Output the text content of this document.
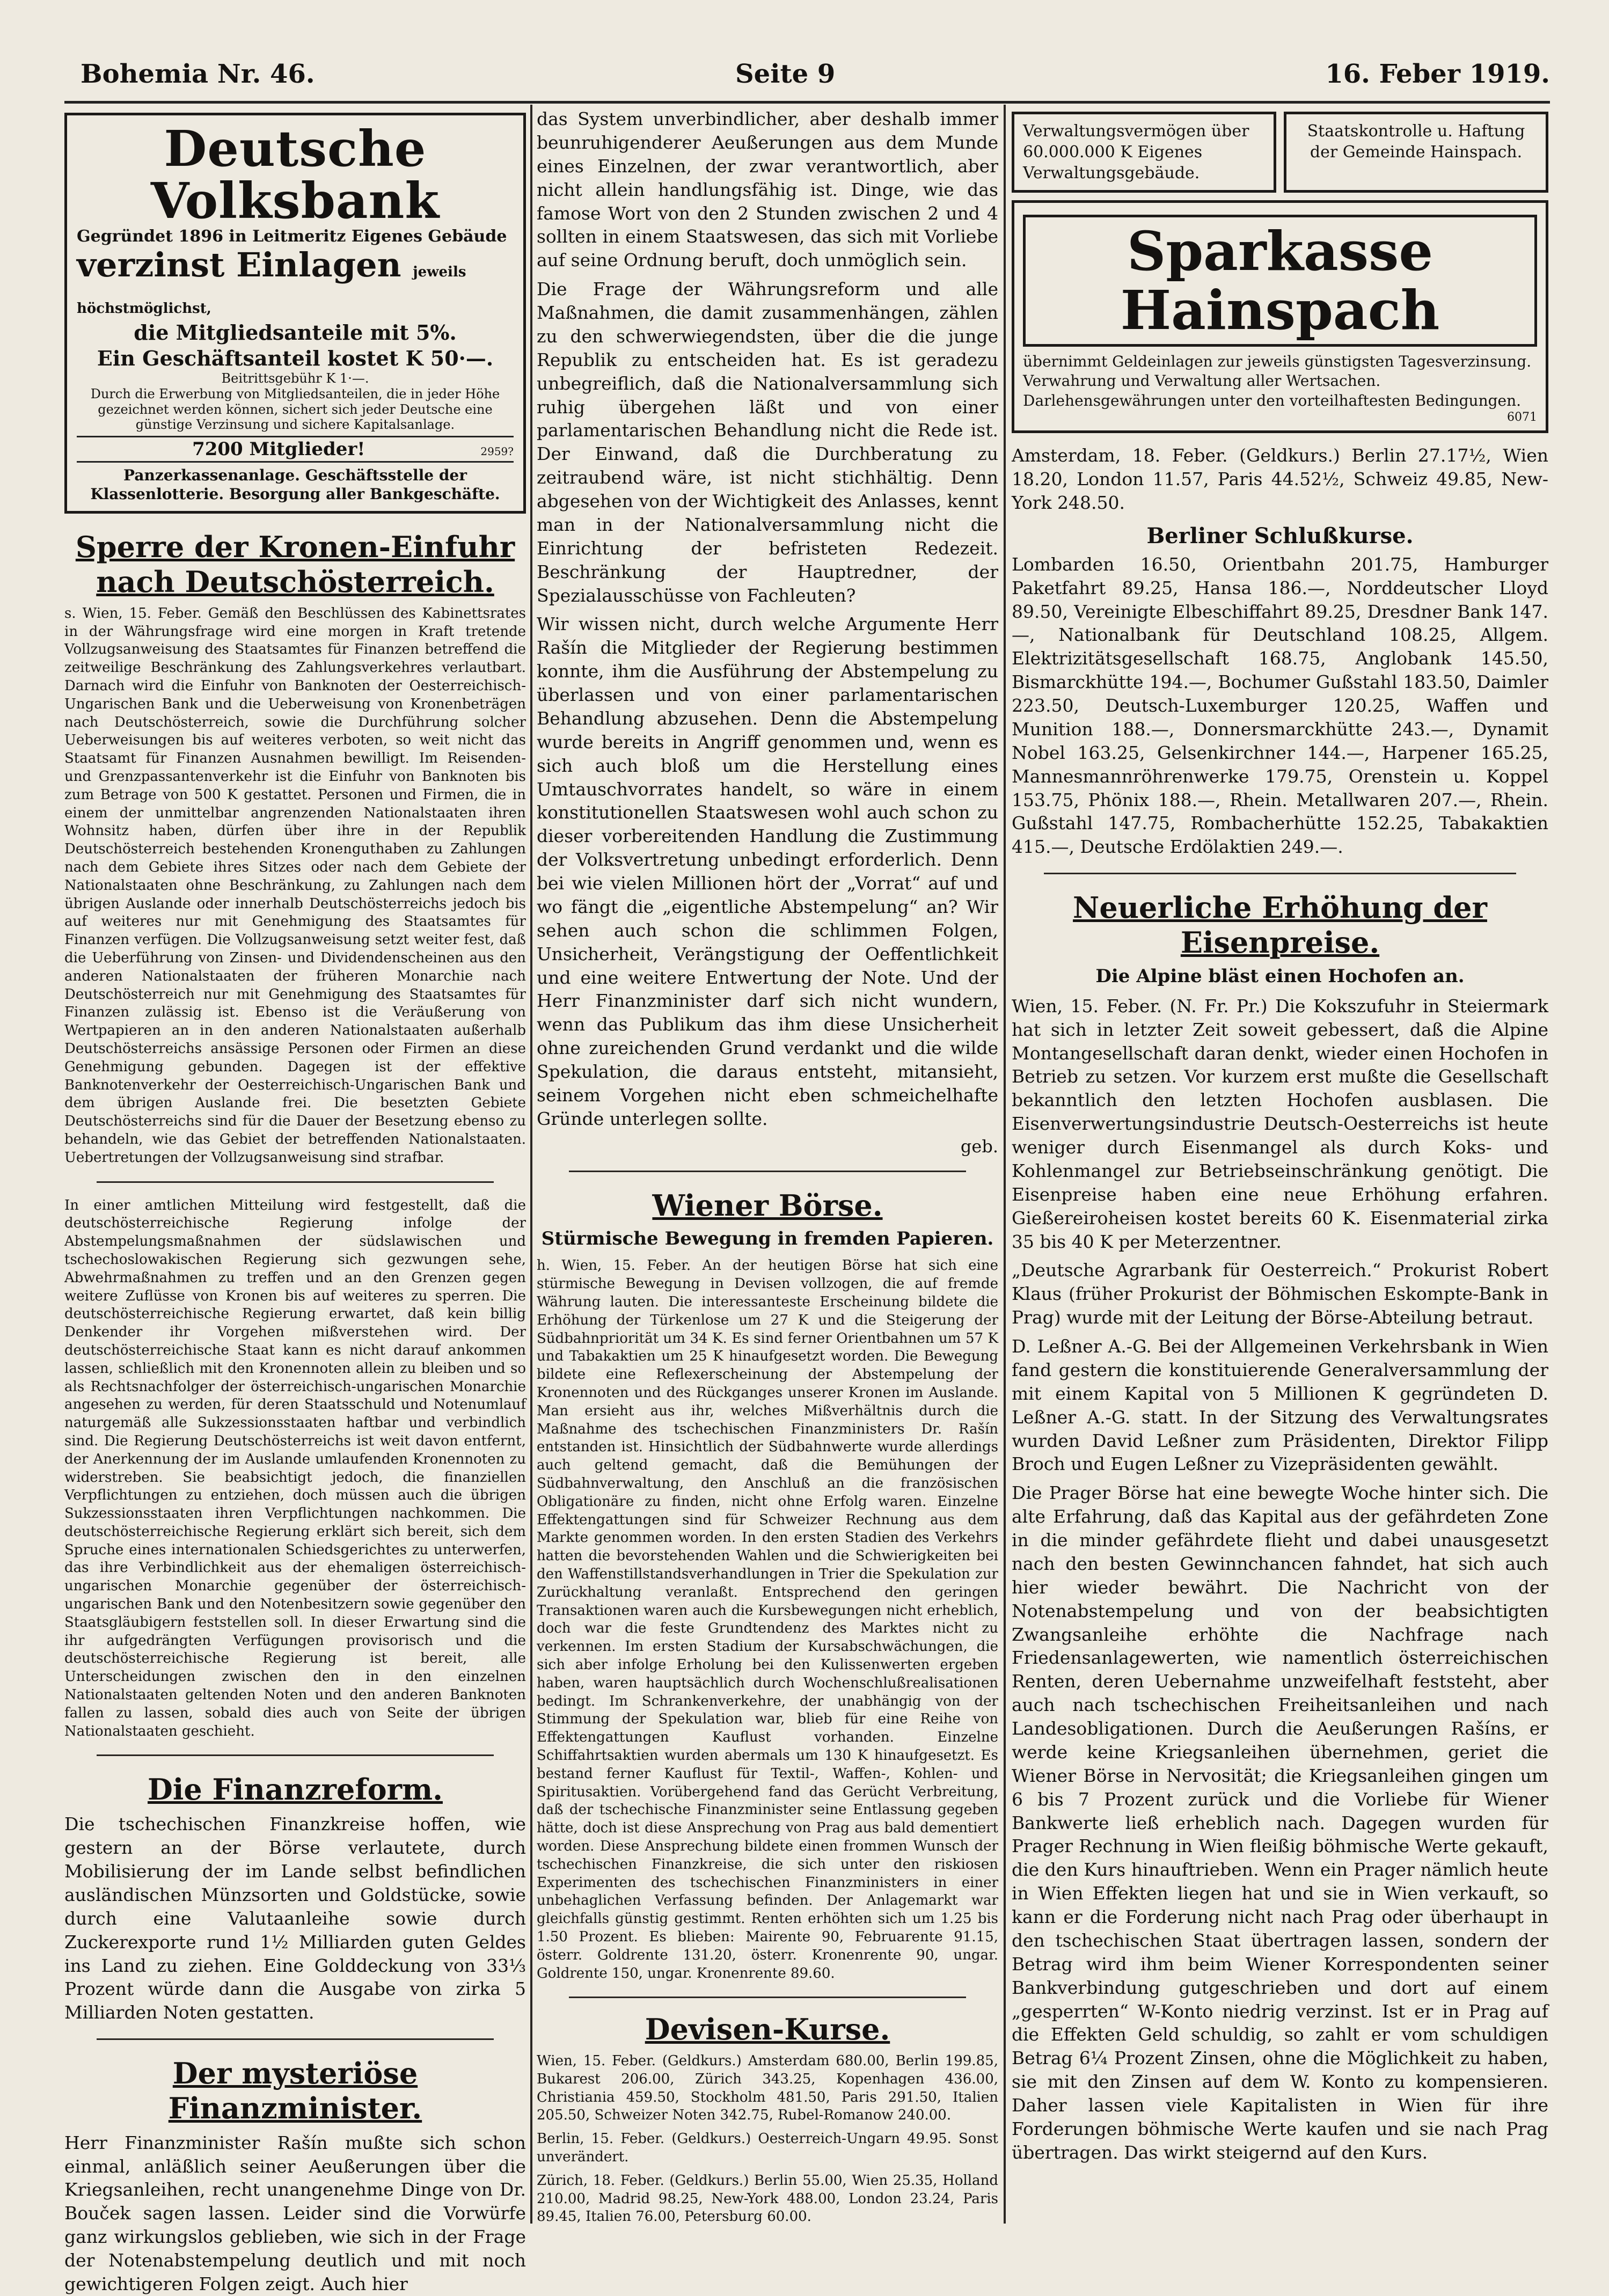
Bohemia Nr. 46.	Seite 9	16. Feber 1919.
Deutsche Volksbank
Gegründet 1896 in Leitmeritz Eigenes Gebäude
verzinst Einlagen jeweils höchstmöglichst,
die Mitgliedsanteile mit 5%.
Ein Geschäftsanteil kostet K 50·—.
Beitrittsgebühr K 1·—.
Durch die Erwerbung von Mitgliedsanteilen, die in jeder Höhe gezeichnet werden können, sichert sich jeder Deutsche eine günstige Verzinsung und sichere Kapitalsanlage.
7200 Mitglieder!	2959?
Panzerkassenanlage. Geschäftsstelle der Klassenlotterie. Besorgung aller Bankgeschäfte.
Sperre der Kronen-Einfuhr nach Deutschösterreich.

s. Wien, 15. Feber. Gemäß den Beschlüssen des Kabinettsrates in der Währungsfrage wird eine morgen in Kraft tretende Vollzugsanweisung des Staatsamtes für Finanzen betreffend die zeitweilige Beschränkung des Zahlungsverkehres verlautbart. Darnach wird die Einfuhr von Banknoten der Oesterreichisch-Ungarischen Bank und die Ueberweisung von Kronenbeträgen nach Deutschösterreich, sowie die Durchführung solcher Ueberweisungen bis auf weiteres verboten, so weit nicht das Staatsamt für Finanzen Ausnahmen bewilligt. Im Reisenden- und Grenzpassantenverkehr ist die Einfuhr von Banknoten bis zum Betrage von 500 K gestattet. Personen und Firmen, die in einem der unmittelbar angrenzenden Nationalstaaten ihren Wohnsitz haben, dürfen über ihre in der Republik Deutschösterreich bestehenden Kronenguthaben zu Zahlungen nach dem Gebiete ihres Sitzes oder nach dem Gebiete der Nationalstaaten ohne Beschränkung, zu Zahlungen nach dem übrigen Auslande oder innerhalb Deutschösterreichs jedoch bis auf weiteres nur mit Genehmigung des Staatsamtes für Finanzen verfügen. Die Vollzugsanweisung setzt weiter fest, daß die Ueberführung von Zinsen- und Dividendenscheinen aus den anderen Nationalstaaten der früheren Monarchie nach Deutschösterreich nur mit Genehmigung des Staatsamtes für Finanzen zulässig ist. Ebenso ist die Veräußerung von Wertpapieren an in den anderen Nationalstaaten außerhalb Deutschösterreichs ansässige Personen oder Firmen an diese Genehmigung gebunden. Dagegen ist der effektive Banknotenverkehr der Oesterreichisch-Ungarischen Bank und dem übrigen Auslande frei. Die besetzten Gebiete Deutschösterreichs sind für die Dauer der Besetzung ebenso zu behandeln, wie das Gebiet der betreffenden Nationalstaaten. Uebertretungen der Vollzugsanweisung sind strafbar.

In einer amtlichen Mitteilung wird festgestellt, daß die deutschösterreichische Regierung infolge der Abstempelungsmaßnahmen der südslawischen und tschechoslowakischen Regierung sich gezwungen sehe, Abwehrmaßnahmen zu treffen und an den Grenzen gegen weitere Zuflüsse von Kronen bis auf weiteres zu sperren. Die deutschösterreichische Regierung erwartet, daß kein billig Denkender ihr Vorgehen mißverstehen wird. Der deutschösterreichische Staat kann es nicht darauf ankommen lassen, schließlich mit den Kronennoten allein zu bleiben und so als Rechtsnachfolger der österreichisch-ungarischen Monarchie angesehen zu werden, für deren Staatsschuld und Notenumlauf naturgemäß alle Sukzessionsstaaten haftbar und verbindlich sind. Die Regierung Deutschösterreichs ist weit davon entfernt, der Anerkennung der im Auslande umlaufenden Kronennoten zu widerstreben. Sie beabsichtigt jedoch, die finanziellen Verpflichtungen zu entziehen, doch müssen auch die übrigen Sukzessionsstaaten ihren Verpflichtungen nachkommen. Die deutschösterreichische Regierung erklärt sich bereit, sich dem Spruche eines internationalen Schiedsgerichtes zu unterwerfen, das ihre Verbindlichkeit aus der ehemaligen österreichisch-ungarischen Monarchie gegenüber der österreichisch-ungarischen Bank und den Notenbesitzern sowie gegenüber den Staatsgläubigern feststellen soll. In dieser Erwartung sind die ihr aufgedrängten Verfügungen provisorisch und die deutschösterreichische Regierung ist bereit, alle Unterscheidungen zwischen den in den einzelnen Nationalstaaten geltenden Noten und den anderen Banknoten fallen zu lassen, sobald dies auch von Seite der übrigen Nationalstaaten geschieht.

Die Finanzreform.

Die tschechischen Finanzkreise hoffen, wie gestern an der Börse verlautete, durch Mobilisierung der im Lande selbst befindlichen ausländischen Münzsorten und Goldstücke, sowie durch eine Valutaanleihe sowie durch Zuckerexporte rund 1½ Milliarden guten Geldes ins Land zu ziehen. Eine Golddeckung von 33⅓ Prozent würde dann die Ausgabe von zirka 5 Milliarden Noten gestatten.

Der mysteriöse Finanzminister.

Herr Finanzminister Rašín mußte sich schon einmal, anläßlich seiner Aeußerungen über die Kriegsanleihen, recht unangenehme Dinge von Dr. Bouček sagen lassen. Leider sind die Vorwürfe ganz wirkungslos geblieben, wie sich in der Frage der Notenabstempelung deutlich und mit noch gewichtigeren Folgen zeigt. Auch hier

das System unverbindlicher, aber deshalb immer beunruhigenderer Aeußerungen aus dem Munde eines Einzelnen, der zwar verantwortlich, aber nicht allein handlungsfähig ist. Dinge, wie das famose Wort von den 2 Stunden zwischen 2 und 4 sollten in einem Staatswesen, das sich mit Vorliebe auf seine Ordnung beruft, doch unmöglich sein.

Die Frage der Währungsreform und alle Maßnahmen, die damit zusammenhängen, zählen zu den schwerwiegendsten, über die die junge Republik zu entscheiden hat. Es ist geradezu unbegreiflich, daß die Nationalversammlung sich ruhig übergehen läßt und von einer parlamentarischen Behandlung nicht die Rede ist. Der Einwand, daß die Durchberatung zu zeitraubend wäre, ist nicht stichhältig. Denn abgesehen von der Wichtigkeit des Anlasses, kennt man in der Nationalversammlung nicht die Einrichtung der befristeten Redezeit. Beschränkung der Hauptredner, der Spezialausschüsse von Fachleuten?

Wir wissen nicht, durch welche Argumente Herr Rašín die Mitglieder der Regierung bestimmen konnte, ihm die Ausführung der Abstempelung zu überlassen und von einer parlamentarischen Behandlung abzusehen. Denn die Abstempelung wurde bereits in Angriff genommen und, wenn es sich auch bloß um die Herstellung eines Umtauschvorrates handelt, so wäre in einem konstitutionellen Staatswesen wohl auch schon zu dieser vorbereitenden Handlung die Zustimmung der Volksvertretung unbedingt erforderlich. Denn bei wie vielen Millionen hört der „Vorrat“ auf und wo fängt die „eigentliche Abstempelung“ an? Wir sehen auch schon die schlimmen Folgen, Unsicherheit, Verängstigung der Oeffentlichkeit und eine weitere Entwertung der Note. Und der Herr Finanzminister darf sich nicht wundern, wenn das Publikum das ihm diese Unsicherheit ohne zureichenden Grund verdankt und die wilde Spekulation, die daraus entsteht, mitansieht, seinem Vorgehen nicht eben schmeichelhafte Gründe unterlegen sollte.

geb.
Wiener Börse.
Stürmische Bewegung in fremden Papieren.

h. Wien, 15. Feber. An der heutigen Börse hat sich eine stürmische Bewegung in Devisen vollzogen, die auf fremde Währung lauten. Die interessanteste Erscheinung bildete die Erhöhung der Türkenlose um 27 K und die Steigerung der Südbahnpriorität um 34 K. Es sind ferner Orientbahnen um 57 K und Tabakaktien um 25 K hinaufgesetzt worden. Die Bewegung bildete eine Reflexerscheinung der Abstempelung der Kronennoten und des Rückganges unserer Kronen im Auslande. Man ersieht aus ihr, welches Mißverhältnis durch die Maßnahme des tschechischen Finanzministers Dr. Rašín entstanden ist. Hinsichtlich der Südbahnwerte wurde allerdings auch geltend gemacht, daß die Bemühungen der Südbahnverwaltung, den Anschluß an die französischen Obligationäre zu finden, nicht ohne Erfolg waren. Einzelne Effektengattungen sind für Schweizer Rechnung aus dem Markte genommen worden. In den ersten Stadien des Verkehrs hatten die bevorstehenden Wahlen und die Schwierigkeiten bei den Waffenstillstandsverhandlungen in Trier die Spekulation zur Zurückhaltung veranlaßt. Entsprechend den geringen Transaktionen waren auch die Kursbewegungen nicht erheblich, doch war die feste Grundtendenz des Marktes nicht zu verkennen. Im ersten Stadium der Kursabschwächungen, die sich aber infolge Erholung bei den Kulissenwerten ergeben haben, waren hauptsächlich durch Wochenschlußrealisationen bedingt. Im Schrankenverkehre, der unabhängig von der Stimmung der Spekulation war, blieb für eine Reihe von Effektengattungen Kauflust vorhanden. Einzelne Schiffahrtsaktien wurden abermals um 130 K hinaufgesetzt. Es bestand ferner Kauflust für Textil-, Waffen-, Kohlen- und Spiritusaktien. Vorübergehend fand das Gerücht Verbreitung, daß der tschechische Finanzminister seine Entlassung gegeben hätte, doch ist diese Ansprechung von Prag aus bald dementiert worden. Diese Ansprechung bildete einen frommen Wunsch der tschechischen Finanzkreise, die sich unter den riskiosen Experimenten des tschechischen Finanzministers in einer unbehaglichen Verfassung befinden. Der Anlagemarkt war gleichfalls günstig gestimmt. Renten erhöhten sich um 1.25 bis 1.50 Prozent. Es blieben: Mairente 90, Februarente 91.15, österr. Goldrente 131.20, österr. Kronenrente 90, ungar. Goldrente 150, ungar. Kronenrente 89.60.

Devisen-Kurse.

Wien, 15. Feber. (Geldkurs.) Amsterdam 680.00, Berlin 199.85, Bukarest 206.00, Zürich 343.25, Kopenhagen 436.00, Christiania 459.50, Stockholm 481.50, Paris 291.50, Italien 205.50, Schweizer Noten 342.75, Rubel-Romanow 240.00.

Berlin, 15. Feber. (Geldkurs.) Oesterreich-Ungarn 49.95. Sonst unverändert.

Zürich, 18. Feber. (Geldkurs.) Berlin 55.00, Wien 25.35, Holland 210.00, Madrid 98.25, New-York 488.00, London 23.24, Paris 89.45, Italien 76.00, Petersburg 60.00.

Verwaltungsvermögen über 60.000.000 K Eigenes Verwaltungsgebäude.
Staatskontrolle u. Haftung der Gemeinde Hainspach.
Sparkasse Hainspach
übernimmt Geldeinlagen zur jeweils günstigsten Tagesverzinsung. Verwahrung und Verwaltung aller Wertsachen. Darlehensgewährungen unter den vorteilhaftesten Bedingungen.
6071

Amsterdam, 18. Feber. (Geldkurs.) Berlin 27.17½, Wien 18.20, London 11.57, Paris 44.52½, Schweiz 49.85, New-York 248.50.

Berliner Schlußkurse.

Lombarden 16.50, Orientbahn 201.75, Hamburger Paketfahrt 89.25, Hansa 186.—, Norddeutscher Lloyd 89.50, Vereinigte Elbeschiffahrt 89.25, Dresdner Bank 147.—, Nationalbank für Deutschland 108.25, Allgem. Elektrizitätsgesellschaft 168.75, Anglobank 145.50, Bismarckhütte 194.—, Bochumer Gußstahl 183.50, Daimler 223.50, Deutsch-Luxemburger 120.25, Waffen und Munition 188.—, Donnersmarckhütte 243.—, Dynamit Nobel 163.25, Gelsenkirchner 144.—, Harpener 165.25, Mannesmannröhrenwerke 179.75, Orenstein u. Koppel 153.75, Phönix 188.—, Rhein. Metallwaren 207.—, Rhein. Gußstahl 147.75, Rombacherhütte 152.25, Tabakaktien 415.—, Deutsche Erdölaktien 249.—.

Neuerliche Erhöhung der Eisenpreise.
Die Alpine bläst einen Hochofen an.

Wien, 15. Feber. (N. Fr. Pr.) Die Kokszufuhr in Steiermark hat sich in letzter Zeit soweit gebessert, daß die Alpine Montangesellschaft daran denkt, wieder einen Hochofen in Betrieb zu setzen. Vor kurzem erst mußte die Gesellschaft bekanntlich den letzten Hochofen ausblasen. Die Eisenverwertungsindustrie Deutsch-Oesterreichs ist heute weniger durch Eisenmangel als durch Koks- und Kohlenmangel zur Betriebseinschränkung genötigt. Die Eisenpreise haben eine neue Erhöhung erfahren. Gießereiroheisen kostet bereits 60 K. Eisenmaterial zirka 35 bis 40 K per Meterzentner.

„Deutsche Agrarbank für Oesterreich.“ Prokurist Robert Klaus (früher Prokurist der Böhmischen Eskompte-Bank in Prag) wurde mit der Leitung der Börse-Abteilung betraut.

D. Leßner A.-G. Bei der Allgemeinen Verkehrsbank in Wien fand gestern die konstituierende Generalversammlung der mit einem Kapital von 5 Millionen K gegründeten D. Leßner A.-G. statt. In der Sitzung des Verwaltungsrates wurden David Leßner zum Präsidenten, Direktor Filipp Broch und Eugen Leßner zu Vizepräsidenten gewählt.

Die Prager Börse hat eine bewegte Woche hinter sich. Die alte Erfahrung, daß das Kapital aus der gefährdeten Zone in die minder gefährdete flieht und dabei unausgesetzt nach den besten Gewinnchancen fahndet, hat sich auch hier wieder bewährt. Die Nachricht von der Notenabstempelung und von der beabsichtigten Zwangsanleihe erhöhte die Nachfrage nach Friedensanlagewerten, wie namentlich österreichischen Renten, deren Uebernahme unzweifelhaft feststeht, aber auch nach tschechischen Freiheitsanleihen und nach Landesobligationen. Durch die Aeußerungen Rašíns, er werde keine Kriegsanleihen übernehmen, geriet die Wiener Börse in Nervosität; die Kriegsanleihen gingen um 6 bis 7 Prozent zurück und die Vorliebe für Wiener Bankwerte ließ erheblich nach. Dagegen wurden für Prager Rechnung in Wien fleißig böhmische Werte gekauft, die den Kurs hinauftrieben. Wenn ein Prager nämlich heute in Wien Effekten liegen hat und sie in Wien verkauft, so kann er die Forderung nicht nach Prag oder überhaupt in den tschechischen Staat übertragen lassen, sondern der Betrag wird ihm beim Wiener Korrespondenten seiner Bankverbindung gutgeschrieben und dort auf einem „gesperrten“ W-Konto niedrig verzinst. Ist er in Prag auf die Effekten Geld schuldig, so zahlt er vom schuldigen Betrag 6¼ Prozent Zinsen, ohne die Möglichkeit zu haben, sie mit den Zinsen auf dem W. Konto zu kompensieren. Daher lassen viele Kapitalisten in Wien für ihre Forderungen böhmische Werte kaufen und sie nach Prag übertragen. Das wirkt steigernd auf den Kurs.
